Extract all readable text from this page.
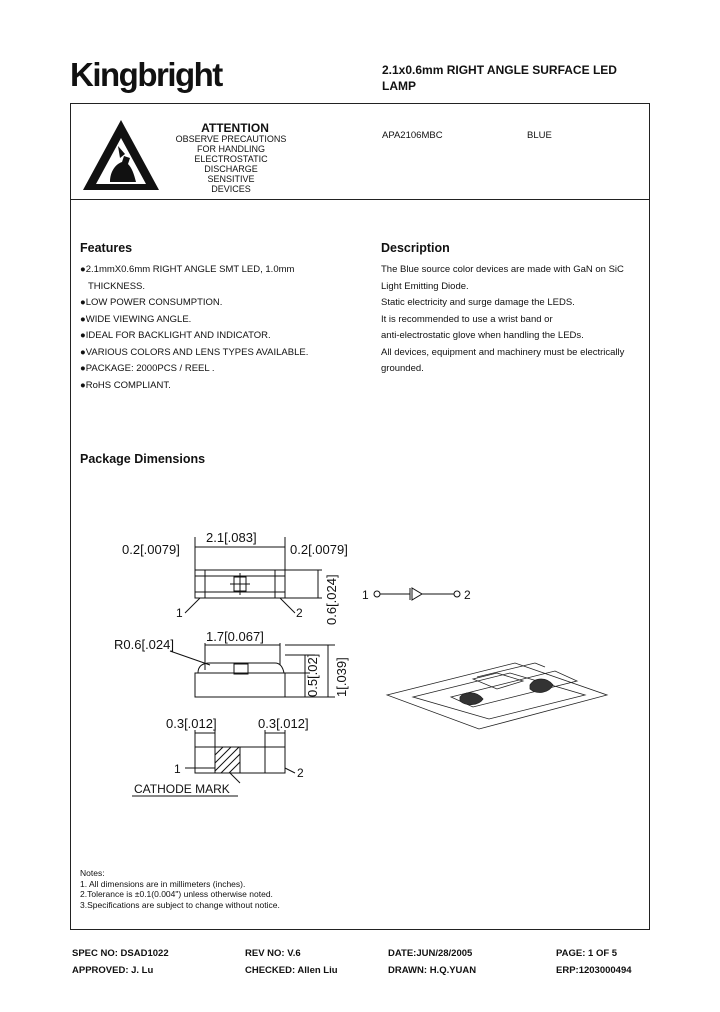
Kingbright	2.1x0.6mm RIGHT ANGLE SURFACE LED
LAMP
ATTENTION
OBSERVE PRECAUTIONS
FOR HANDLING
ELECTROSTATIC
DISCHARGE
SENSITIVE
DEVICES
APA2106MBC	BLUE
Features
●2.1mmX0.6mm RIGHT ANGLE SMT LED, 1.0mm
THICKNESS.
●LOW POWER CONSUMPTION.
●WIDE VIEWING ANGLE.
●IDEAL FOR BACKLIGHT AND INDICATOR.
●VARIOUS COLORS AND LENS TYPES AVAILABLE.
●PACKAGE: 2000PCS / REEL .
●RoHS COMPLIANT.
Description
The Blue source color devices are made with GaN on SiC
Light Emitting Diode.
Static electricity and surge damage the LEDS.
It is recommended to use a wrist band or
anti-electrostatic glove when handling the LEDs.
All devices, equipment and machinery must be electrically
grounded.
Package Dimensions
0.2[.0079]
2.1[.083]
0.2[.0079]
0.6[.024]
1	2
R0.6[.024]
1.7[0.067]
0.5[.02] 1[.039]
0.3[.012]	0.3[.012]
1	2
CATHODE MARK
1	2
Notes:
1. All dimensions are in millimeters (inches).
2.Tolerance is ±0.1(0.004") unless otherwise noted.
3.Specifications are subject to change without notice.
SPEC NO: DSAD1022	REV NO: V.6	DATE:JUN/28/2005	PAGE: 1 OF 5
APPROVED: J. Lu	CHECKED: Allen Liu	DRAWN: H.Q.YUAN	ERP:1203000494
